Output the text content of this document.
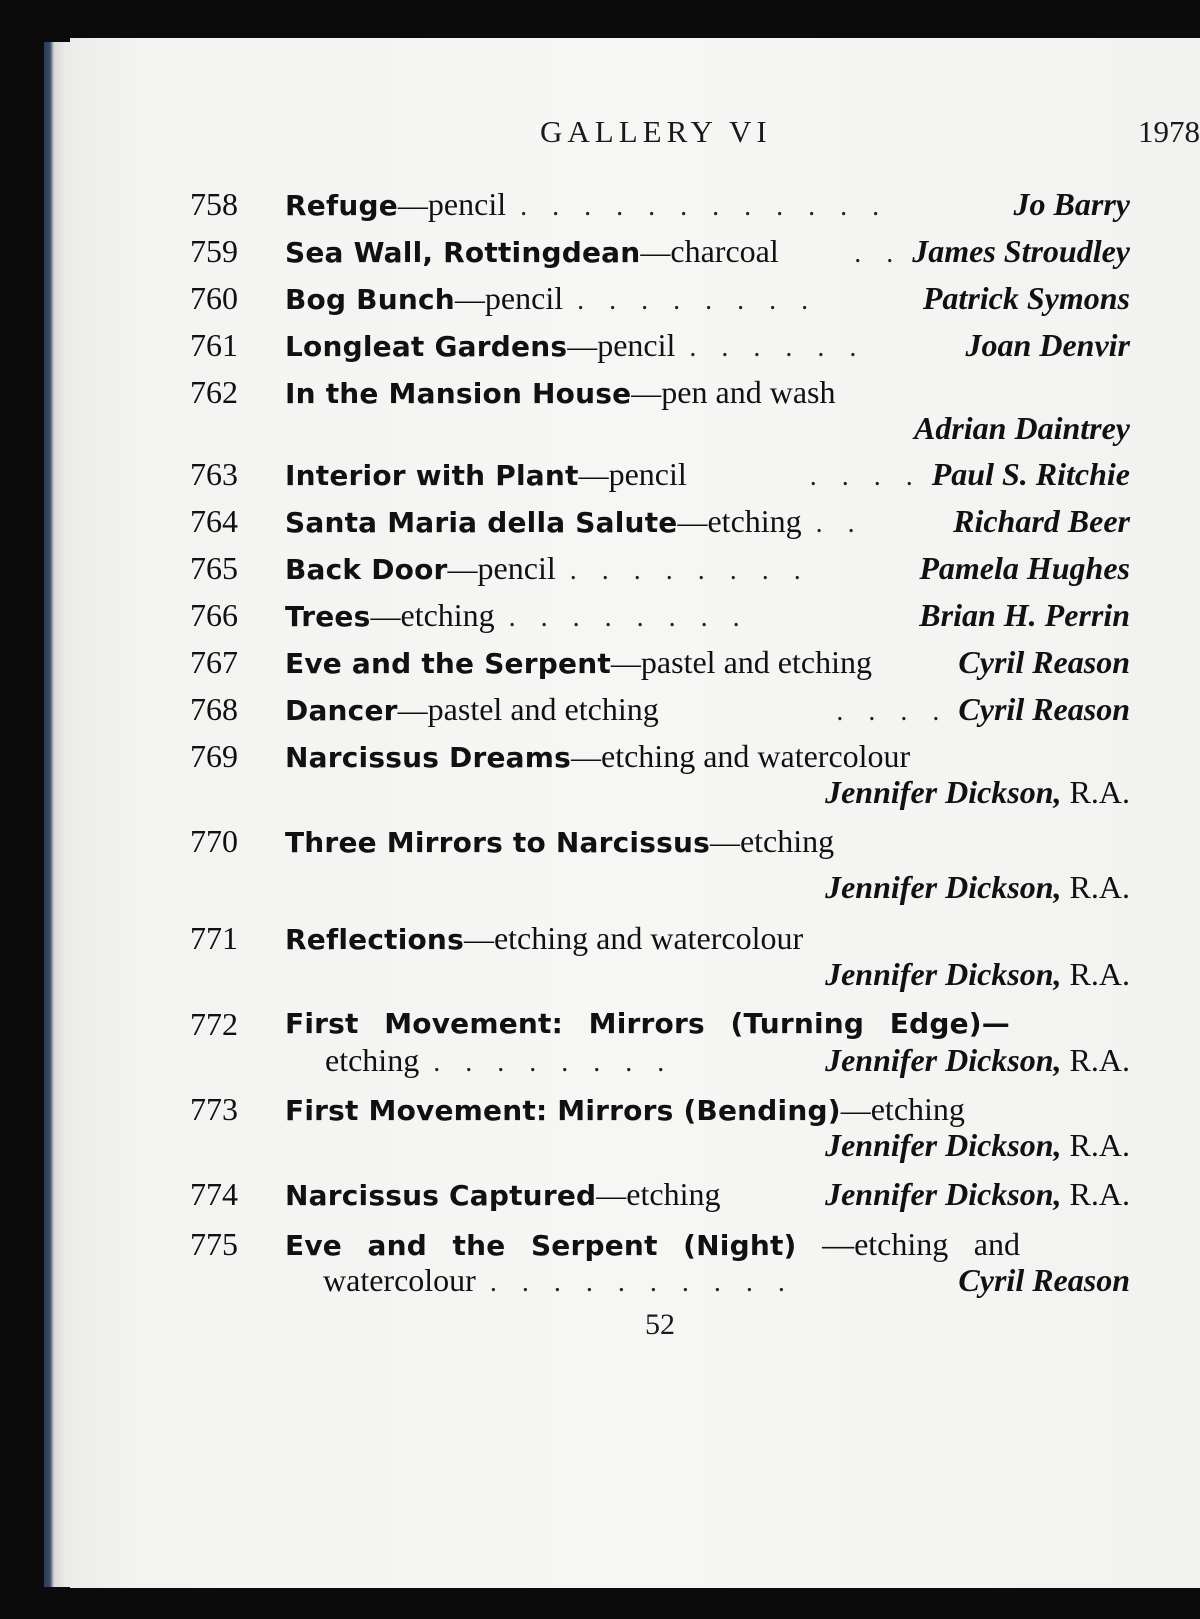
GALLERY VI	1978
758	Refuge — pencil . . . . . . . . . . . .	Jo Barry
759	Sea Wall, Rottingdean — charcoal	. . James Stroudley
760	Bog Bunch — pencil . . . . . . . .	Patrick Symons
761	Longleat Gardens — pencil . . . . . .	Joan Denvir
762	In the Mansion House — pen and wash
Adrian Daintrey
763	Interior with Plant — pencil	. . . . Paul S. Ritchie
764	Santa Maria della Salute — etching . .	Richard Beer
765	Back Door — pencil . . . . . . . .	Pamela Hughes
766	Trees — etching . . . . . . . .	Brian H. Perrin
767	Eve and the Serpent — pastel and etching	Cyril Reason
768	Dancer — pastel and etching	. . . . Cyril Reason
769	Narcissus Dreams — etching and watercolour
Jennifer Dickson, R.A.
770	Three Mirrors to Narcissus — etching
Jennifer Dickson, R.A.
771	Reflections — etching and watercolour
Jennifer Dickson, R.A.
772	First Movement: Mirrors (Turning Edge)—
etching . . . . . . . .	Jennifer Dickson, R.A.
773	First Movement: Mirrors (Bending) — etching
Jennifer Dickson, R.A.
774	Narcissus Captured — etching	Jennifer Dickson, R.A.
775	Eve and the Serpent (Night) —etching and
watercolour . . . . . . . . . .	Cyril Reason
52
